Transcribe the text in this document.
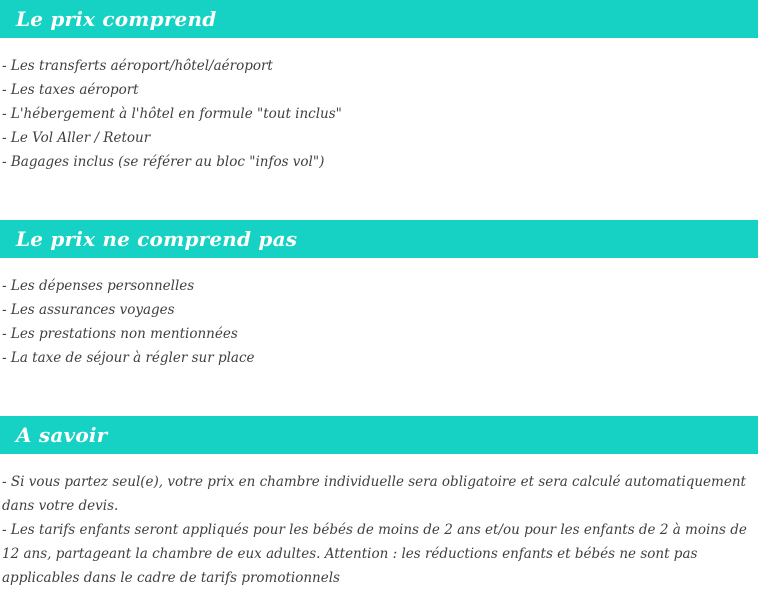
Le prix comprend
- Les transferts aéroport/hôtel/aéroport
- Les taxes aéroport
- L'hébergement à l'hôtel en formule "tout inclus"
- Le Vol Aller / Retour
- Bagages inclus (se référer au bloc "infos vol")
Le prix ne comprend pas
- Les dépenses personnelles
- Les assurances voyages
- Les prestations non mentionnées
- La taxe de séjour à régler sur place
A savoir
- Si vous partez seul(e), votre prix en chambre individuelle sera obligatoire et sera calculé automatiquement dans votre devis.
- Les tarifs enfants seront appliqués pour les bébés de moins de 2 ans et/ou pour les enfants de 2 à moins de 12 ans, partageant la chambre de eux adultes. Attention : les réductions enfants et bébés ne sont pas applicables dans le cadre de tarifs promotionnels
